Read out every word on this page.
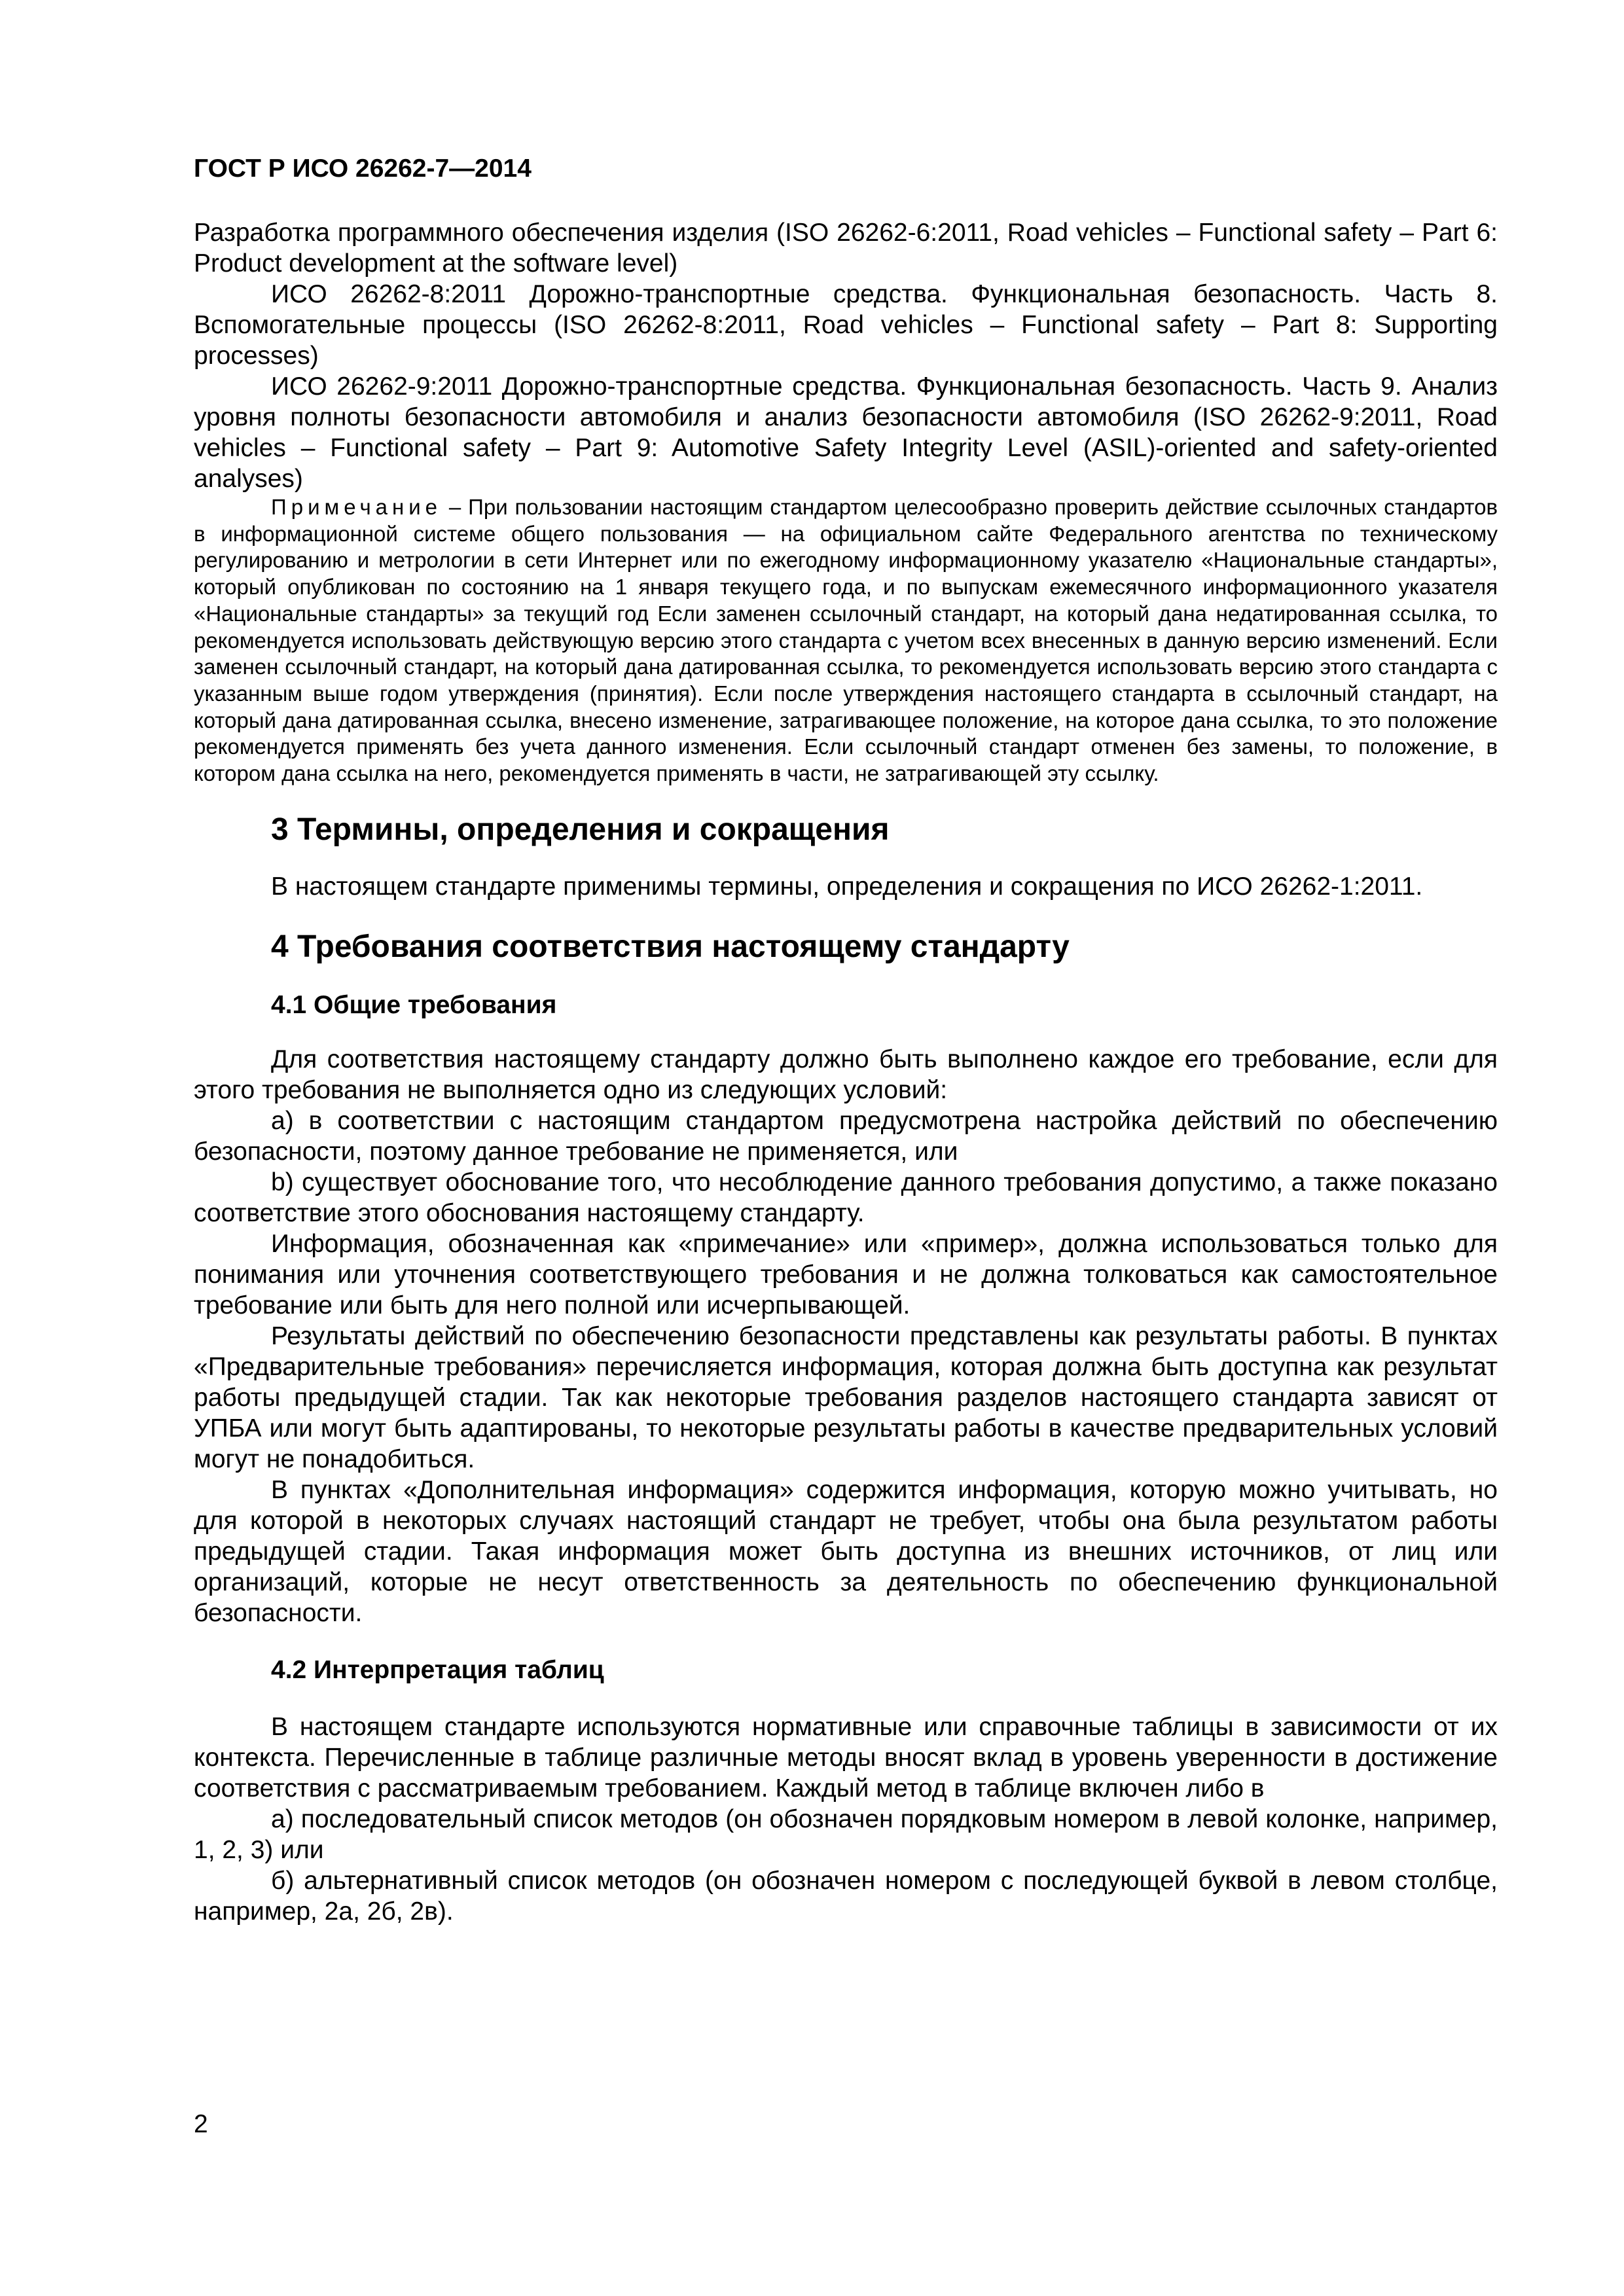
ГОСТ Р ИСО 26262-7—2014

Разработка программного обеспечения изделия (ISO 26262-6:2011, Road vehicles – Functional safety – Part 6: Product development at the software level)

ИСО 26262-8:2011 Дорожно-транспортные средства. Функциональная безопасность. Часть 8. Вспомогательные процессы (ISO 26262-8:2011, Road vehicles – Functional safety – Part 8: Supporting processes)

ИСО 26262-9:2011 Дорожно-транспортные средства. Функциональная безопасность. Часть 9. Анализ уровня полноты безопасности автомобиля и анализ безопасности автомобиля (ISO 26262-9:2011, Road vehicles – Functional safety – Part 9: Automotive Safety Integrity Level (ASIL)-oriented and safety-oriented analyses)

Примечание – При пользовании настоящим стандартом целесообразно проверить действие ссылочных стандартов в информационной системе общего пользования — на официальном сайте Федерального агентства по техническому регулированию и метрологии в сети Интернет или по ежегодному информационному указателю «Национальные стандарты», который опубликован по состоянию на 1 января текущего года, и по выпускам ежемесячного информационного указателя «Национальные стандарты» за текущий год Если заменен ссылочный стандарт, на который дана недатированная ссылка, то рекомендуется использовать действующую версию этого стандарта с учетом всех внесенных в данную версию изменений. Если заменен ссылочный стандарт, на который дана датированная ссылка, то рекомендуется использовать версию этого стандарта с указанным выше годом утверждения (принятия). Если после утверждения настоящего стандарта в ссылочный стандарт, на который дана датированная ссылка, внесено изменение, затрагивающее положение, на которое дана ссылка, то это положение рекомендуется применять без учета данного изменения. Если ссылочный стандарт отменен без замены, то положение, в котором дана ссылка на него, рекомендуется применять в части, не затрагивающей эту ссылку.

3 Термины, определения и сокращения

В настоящем стандарте применимы термины, определения и сокращения по ИСО 26262-1:2011.

4 Требования соответствия настоящему стандарту
4.1 Общие требования

Для соответствия настоящему стандарту должно быть выполнено каждое его требование, если для этого требования не выполняется одно из следующих условий:

а) в соответствии с настоящим стандартом предусмотрена настройка действий по обеспечению безопасности, поэтому данное требование не применяется, или

b) существует обоснование того, что несоблюдение данного требования допустимо, а также показано соответствие этого обоснования настоящему стандарту.

Информация, обозначенная как «примечание» или «пример», должна использоваться только для понимания или уточнения соответствующего требования и не должна толковаться как самостоятельное требование или быть для него полной или исчерпывающей.

Результаты действий по обеспечению безопасности представлены как результаты работы. В пунктах «Предварительные требования» перечисляется информация, которая должна быть доступна как результат работы предыдущей стадии. Так как некоторые требования разделов настоящего стандарта зависят от УПБА или могут быть адаптированы, то некоторые результаты работы в качестве предварительных условий могут не понадобиться.

В пунктах «Дополнительная информация» содержится информация, которую можно учитывать, но для которой в некоторых случаях настоящий стандарт не требует, чтобы она была результатом работы предыдущей стадии. Такая информация может быть доступна из внешних источников, от лиц или организаций, которые не несут ответственность за деятельность по обеспечению функциональной безопасности.

4.2 Интерпретация таблиц

В настоящем стандарте используются нормативные или справочные таблицы в зависимости от их контекста. Перечисленные в таблице различные методы вносят вклад в уровень уверенности в достижение соответствия с рассматриваемым требованием. Каждый метод в таблице включен либо в

а) последовательный список методов (он обозначен порядковым номером в левой колонке, например, 1, 2, 3) или

б) альтернативный список методов (он обозначен номером с последующей буквой в левом столбце, например, 2а, 2б, 2в).

2
